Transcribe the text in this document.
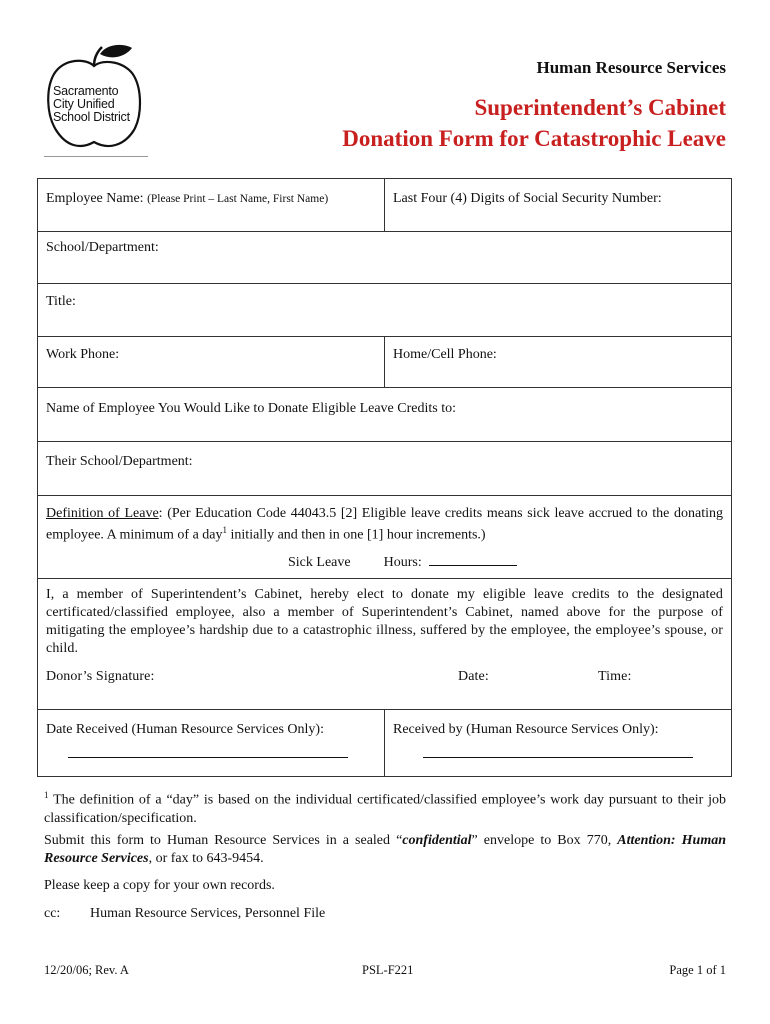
Sacramento
City Unified
School District
Human Resource Services
Superintendent’s Cabinet
Donation Form for Catastrophic Leave
Employee Name: (Please Print – Last Name, First Name)	Last Four (4) Digits of Social Security Number:
School/Department:
Title:
Work Phone:	Home/Cell Phone:
Name of Employee You Would Like to Donate Eligible Leave Credits to:
Their School/Department:
Definition of Leave: (Per Education Code 44043.5 [2] Eligible leave credits means sick leave accrued to the donating employee. A minimum of a day$^1$ initially and then in one [1] hour increments.)
Sick Leave Hours:
I, a member of Superintendent’s Cabinet, hereby elect to donate my eligible leave credits to the designated certificated/classified employee, also a member of Superintendent’s Cabinet, named above for the purpose of mitigating the employee’s hardship due to a catastrophic illness, suffered by the employee, the employee’s spouse, or child.
Donor’s Signature:	Date:	Time:
Date Received (Human Resource Services Only):	Received by (Human Resource Services Only):
$^1$ The definition of a “day” is based on the individual certificated/classified employee’s work day pursuant to their job classification/specification.
Submit this form to Human Resource Services in a sealed “confidential” envelope to Box 770, Attention: Human Resource Services, or fax to 643-9454.
Please keep a copy for your own records.
cc: Human Resource Services, Personnel File
12/20/06; Rev. A	PSL-F221	Page 1 of 1
